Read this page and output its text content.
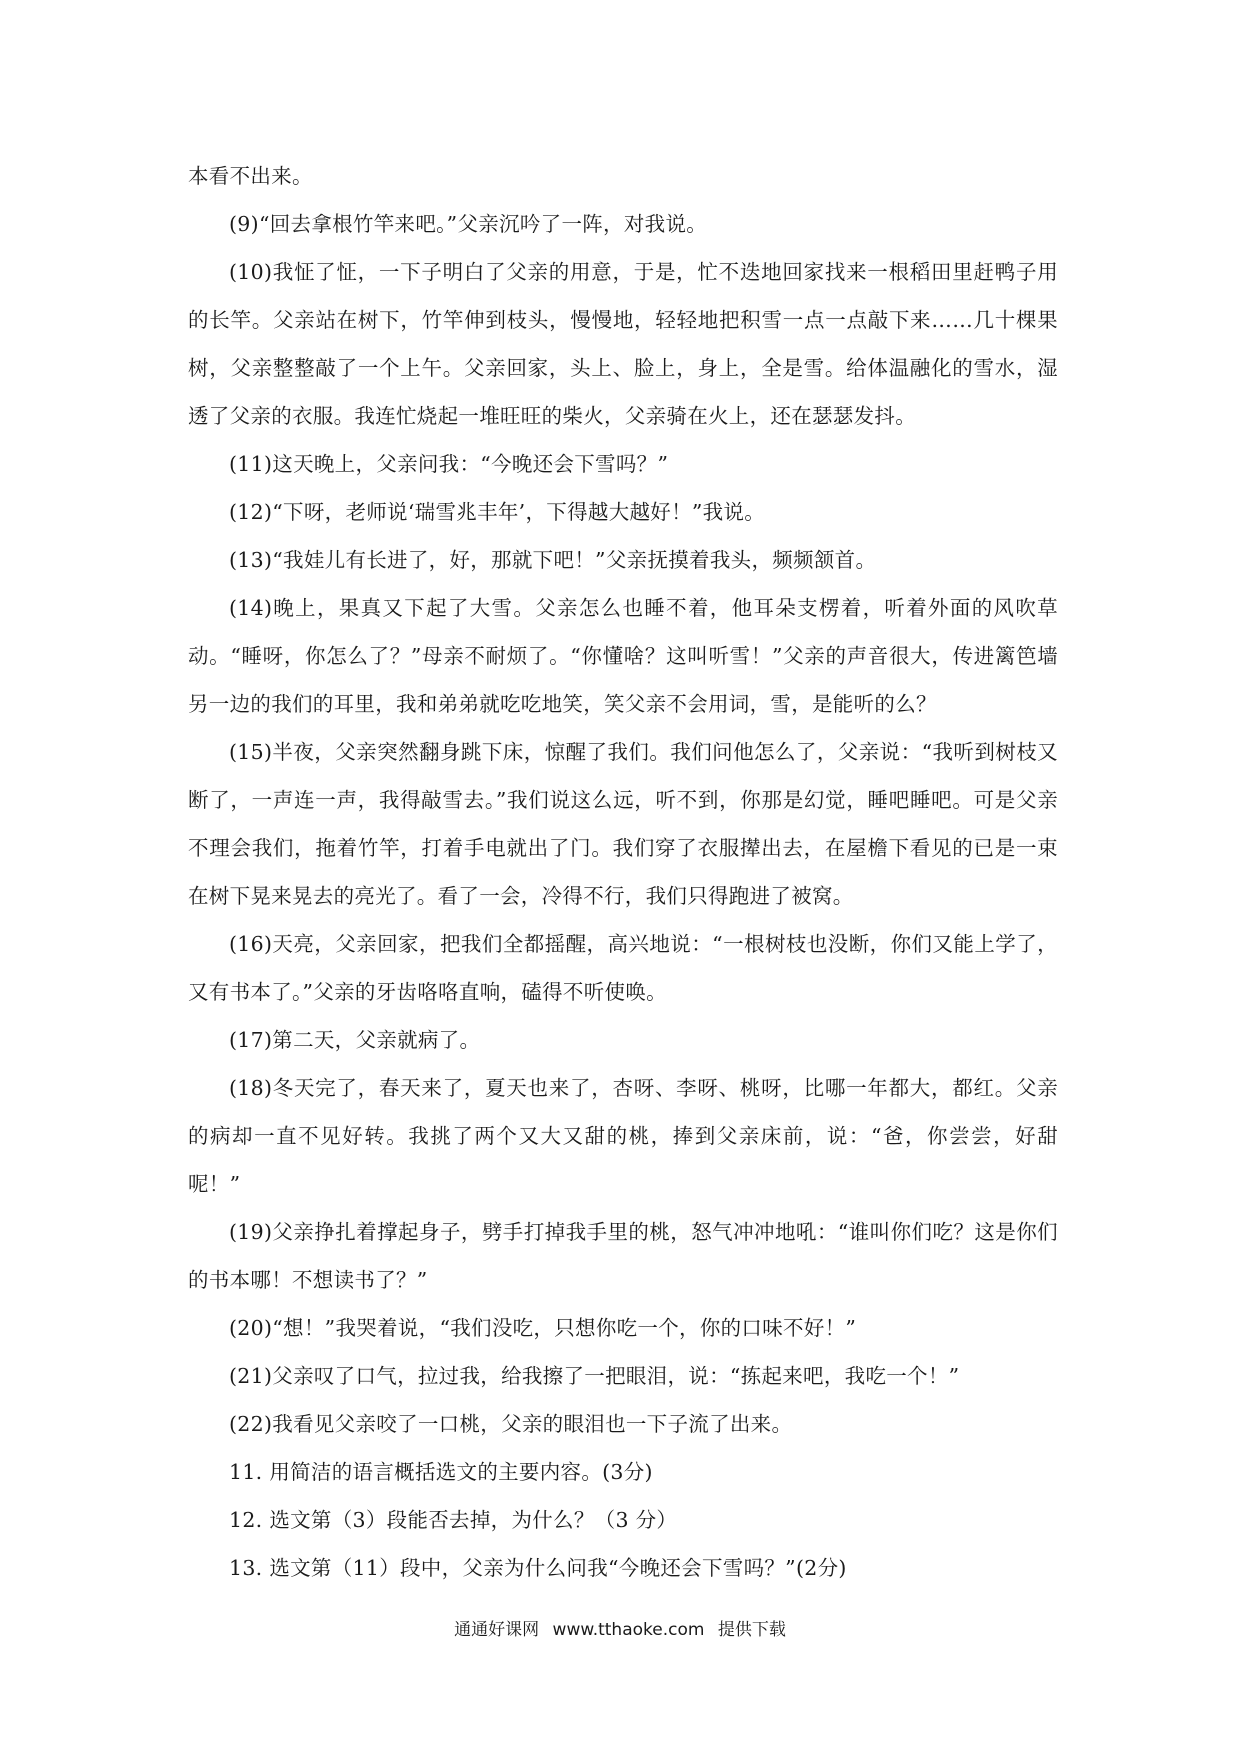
本看不出来。

(9)“回去拿根竹竿来吧。”父亲沉吟了一阵，对我说。

(10)我怔了怔，一下子明白了父亲的用意，于是，忙不迭地回家找来一根稻田里赶鸭子用的长竿。父亲站在树下，竹竿伸到枝头，慢慢地，轻轻地把积雪一点一点敲下来……几十棵果树，父亲整整敲了一个上午。父亲回家，头上、脸上，身上，全是雪。给体温融化的雪水，湿透了父亲的衣服。我连忙烧起一堆旺旺的柴火，父亲骑在火上，还在瑟瑟发抖。

(11)这天晚上，父亲问我：“今晚还会下雪吗？”

(12)“下呀，老师说‘瑞雪兆丰年’，下得越大越好！”我说。

(13)“我娃儿有长进了，好，那就下吧！”父亲抚摸着我头，频频颔首。

(14)晚上，果真又下起了大雪。父亲怎么也睡不着，他耳朵支楞着，听着外面的风吹草动。“睡呀，你怎么了？”母亲不耐烦了。“你懂啥？这叫听雪！”父亲的声音很大，传进篱笆墙另一边的我们的耳里，我和弟弟就吃吃地笑，笑父亲不会用词，雪，是能听的么？

(15)半夜，父亲突然翻身跳下床，惊醒了我们。我们问他怎么了，父亲说：“我听到树枝又断了，一声连一声，我得敲雪去。”我们说这么远，听不到，你那是幻觉，睡吧睡吧。可是父亲不理会我们，拖着竹竿，打着手电就出了门。我们穿了衣服撵出去，在屋檐下看见的已是一束在树下晃来晃去的亮光了。看了一会，冷得不行，我们只得跑进了被窝。

(16)天亮，父亲回家，把我们全都摇醒，高兴地说：“一根树枝也没断，你们又能上学了，又有书本了。”父亲的牙齿咯咯直响，磕得不听使唤。

(17)第二天，父亲就病了。

(18)冬天完了，春天来了，夏天也来了，杏呀、李呀、桃呀，比哪一年都大，都红。父亲的病却一直不见好转。我挑了两个又大又甜的桃，捧到父亲床前，说：“爸，你尝尝，好甜呢！”

(19)父亲挣扎着撑起身子，劈手打掉我手里的桃，怒气冲冲地吼：“谁叫你们吃？这是你们的书本哪！不想读书了？”

(20)“想！”我哭着说，“我们没吃，只想你吃一个，你的口味不好！”

(21)父亲叹了口气，拉过我，给我擦了一把眼泪，说：“拣起来吧，我吃一个！”

(22)我看见父亲咬了一口桃，父亲的眼泪也一下子流了出来。

11. 用简洁的语言概括选文的主要内容。(3分)

12. 选文第（3）段能否去掉，为什么？（3 分）

13. 选文第（11）段中，父亲为什么问我“今晚还会下雪吗？”(2分)

通通好课网 www.tthaoke.com 提供下载
